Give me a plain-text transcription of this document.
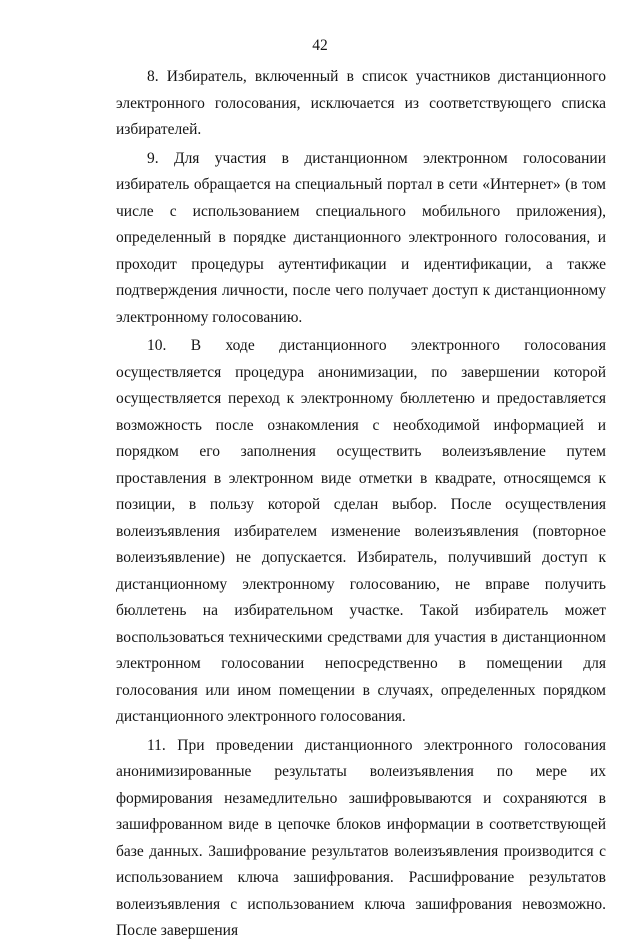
42

8. Избиратель, включенный в список участников дистанционного электронного голосования, исключается из соответствующего списка избирателей.

9. Для участия в дистанционном электронном голосовании избиратель обращается на специальный портал в сети «Интернет» (в том числе с использованием специального мобильного приложения), определенный в порядке дистанционного электронного голосования, и проходит процедуры аутентификации и идентификации, а также подтверждения личности, после чего получает доступ к дистанционному электронному голосованию.

10. В ходе дистанционного электронного голосования осуществляется процедура анонимизации, по завершении которой осуществляется переход к электронному бюллетеню и предоставляется возможность после ознакомления с необходимой информацией и порядком его заполнения осуществить волеизъявление путем проставления в электронном виде отметки в квадрате, относящемся к позиции, в пользу которой сделан выбор. После осуществления волеизъявления избирателем изменение волеизъявления (повторное волеизъявление) не допускается. Избиратель, получивший доступ к дистанционному электронному голосованию, не вправе получить бюллетень на избирательном участке. Такой избиратель может воспользоваться техническими средствами для участия в дистанционном электронном голосовании непосредственно в помещении для голосования или ином помещении в случаях, определенных порядком дистанционного электронного голосования.

11. При проведении дистанционного электронного голосования анонимизированные результаты волеизъявления по мере их формирования незамедлительно зашифровываются и сохраняются в зашифрованном виде в цепочке блоков информации в соответствующей базе данных. Зашифрование результатов волеизъявления производится с использованием ключа зашифрования. Расшифрование результатов волеизъявления с использованием ключа зашифрования невозможно. После завершения
